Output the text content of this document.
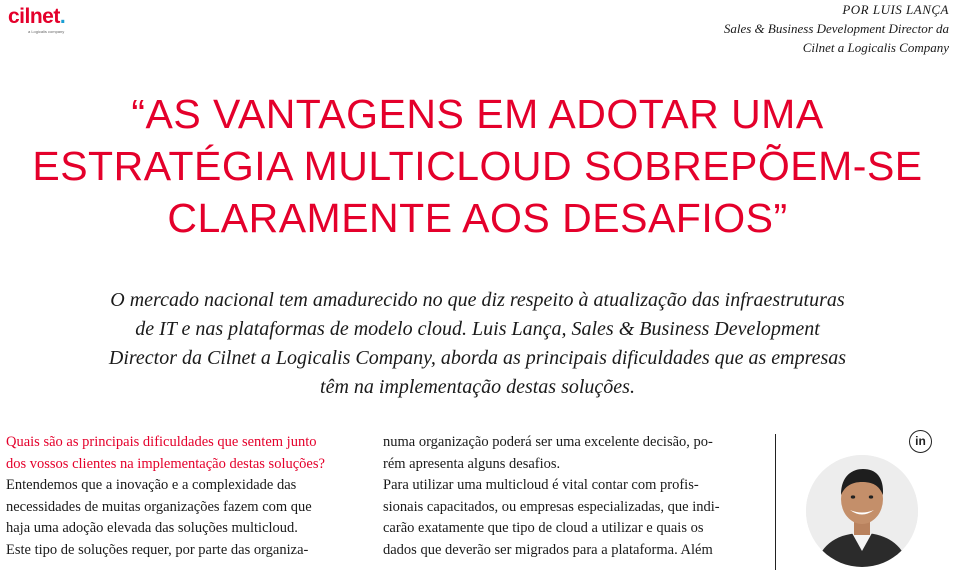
cilnet.
a Logicalis company
POR LUIS LANÇA
Sales & Business Development Director da
Cilnet a Logicalis Company
“AS VANTAGENS EM ADOTAR UMA
ESTRATÉGIA MULTICLOUD SOBREPÕEM-SE
CLARAMENTE AOS DESAFIOS”
O mercado nacional tem amadurecido no que diz respeito à atualização das infraestruturas
de IT e nas plataformas de modelo cloud. Luis Lança, Sales & Business Development
Director da Cilnet a Logicalis Company, aborda as principais dificuldades que as empresas
têm na implementação destas soluções.
Quais são as principais dificuldades que sentem junto
dos vossos clientes na implementação destas soluções?
Entendemos que a inovação e a complexidade das
necessidades de muitas organizações fazem com que
haja uma adoção elevada das soluções multicloud.
Este tipo de soluções requer, por parte das organiza-
numa organização poderá ser uma excelente decisão, po-
rém apresenta alguns desafios.
Para utilizar uma multicloud é vital contar com profis-
sionais capacitados, ou empresas especializadas, que indi-
carão exatamente que tipo de cloud a utilizar e quais os
dados que deverão ser migrados para a plataforma. Além
in
